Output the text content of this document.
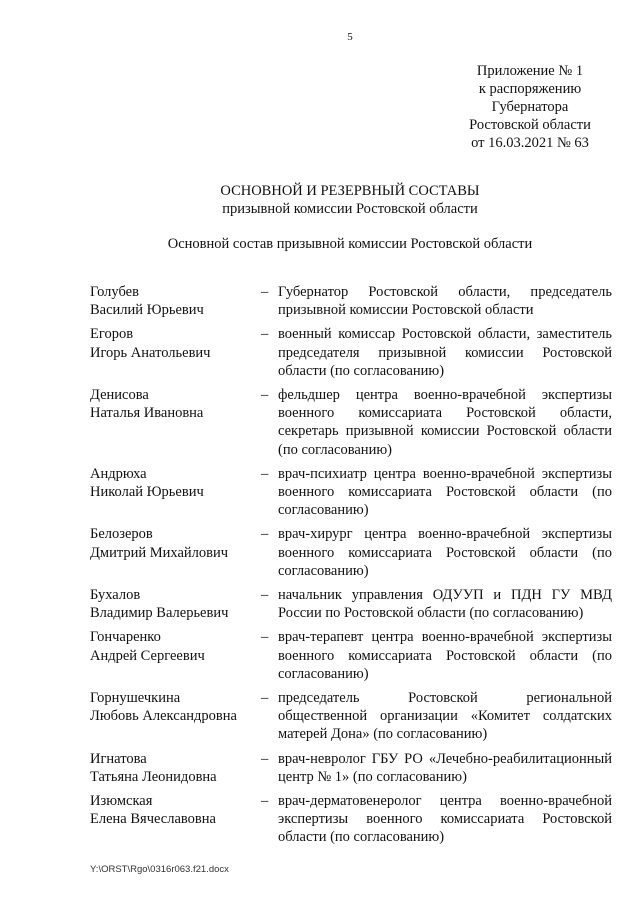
5
Приложение № 1
к распоряжению
Губернатора
Ростовской области
от 16.03.2021 № 63
ОСНОВНОЙ И РЕЗЕРВНЫЙ СОСТАВЫ
призывной комиссии Ростовской области
Основной состав призывной комиссии Ростовской области
Голубев
Василий Юрьевич
– Губернатор Ростовской области, председатель призывной комиссии Ростовской области
Егоров
Игорь Анатольевич
– военный комиссар Ростовской области, заместитель председателя призывной комиссии Ростовской области (по согласованию)
Денисова
Наталья Ивановна
– фельдшер центра военно-врачебной экспертизы военного комиссариата Ростовской области, секретарь призывной комиссии Ростовской области (по согласованию)
Андрюха
Николай Юрьевич
– врач-психиатр центра военно-врачебной экспертизы военного комиссариата Ростовской области (по согласованию)
Белозеров
Дмитрий Михайлович
– врач-хирург центра военно-врачебной экспертизы военного комиссариата Ростовской области (по согласованию)
Бухалов
Владимир Валерьевич
– начальник управления ОДУУП и ПДН ГУ МВД России по Ростовской области (по согласованию)
Гончаренко
Андрей Сергеевич
– врач-терапевт центра военно-врачебной экспертизы военного комиссариата Ростовской области (по согласованию)
Горнушечкина
Любовь Александровна
– председатель Ростовской региональной общественной организации «Комитет солдатских матерей Дона» (по согласованию)
Игнатова
Татьяна Леонидовна
– врач-невролог ГБУ РО «Лечебно-реабилитационный центр № 1» (по согласованию)
Изюмская
Елена Вячеславовна
– врач-дерматовенеролог центра военно-врачебной экспертизы военного комиссариата Ростовской области (по согласованию)
Y:\ORST\Rgo\0316r063.f21.docx
